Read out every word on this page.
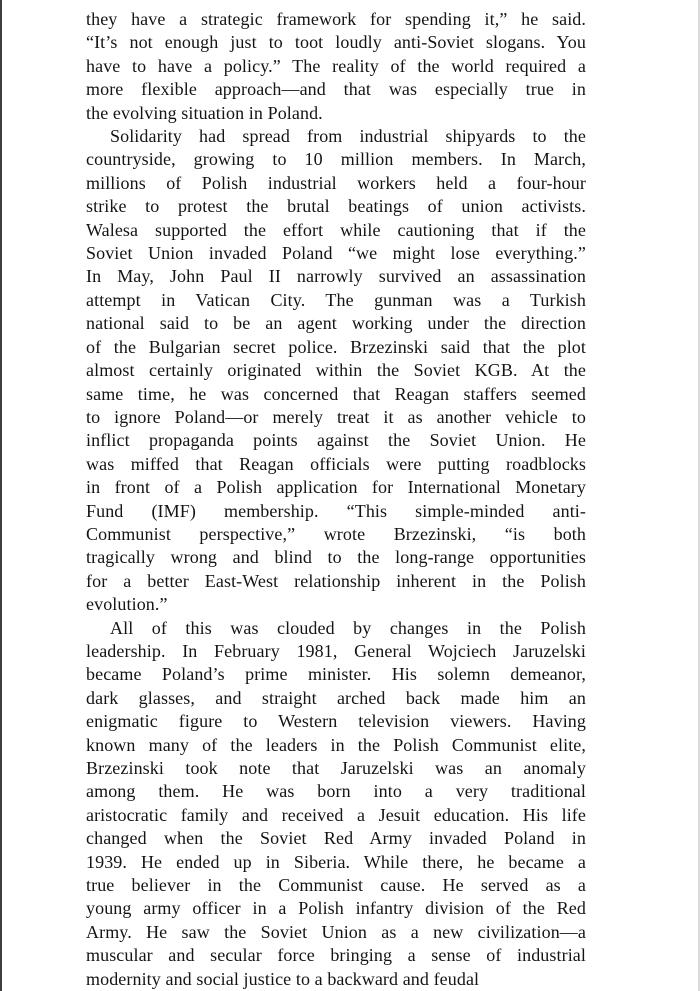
they have a strategic framework for spending it,” he said.
“It’s not enough just to toot loudly anti-Soviet slogans. You
have to have a policy.” The reality of the world required a
more flexible approach—and that was especially true in
the evolving situation in Poland.
Solidarity had spread from industrial shipyards to the
countryside, growing to 10 million members. In March,
millions of Polish industrial workers held a four-hour
strike to protest the brutal beatings of union activists.
Walesa supported the effort while cautioning that if the
Soviet Union invaded Poland “we might lose everything.”
In May, John Paul II narrowly survived an assassination
attempt in Vatican City. The gunman was a Turkish
national said to be an agent working under the direction
of the Bulgarian secret police. Brzezinski said that the plot
almost certainly originated within the Soviet KGB. At the
same time, he was concerned that Reagan staffers seemed
to ignore Poland—or merely treat it as another vehicle to
inflict propaganda points against the Soviet Union. He
was miffed that Reagan officials were putting roadblocks
in front of a Polish application for International Monetary
Fund (IMF) membership. “This simple-minded anti-
Communist perspective,” wrote Brzezinski, “is both
tragically wrong and blind to the long-range opportunities
for a better East-West relationship inherent in the Polish
evolution.”
All of this was clouded by changes in the Polish
leadership. In February 1981, General Wojciech Jaruzelski
became Poland’s prime minister. His solemn demeanor,
dark glasses, and straight arched back made him an
enigmatic figure to Western television viewers. Having
known many of the leaders in the Polish Communist elite,
Brzezinski took note that Jaruzelski was an anomaly
among them. He was born into a very traditional
aristocratic family and received a Jesuit education. His life
changed when the Soviet Red Army invaded Poland in
1939. He ended up in Siberia. While there, he became a
true believer in the Communist cause. He served as a
young army officer in a Polish infantry division of the Red
Army. He saw the Soviet Union as a new civilization—a
muscular and secular force bringing a sense of industrial
modernity and social justice to a backward and feudal
